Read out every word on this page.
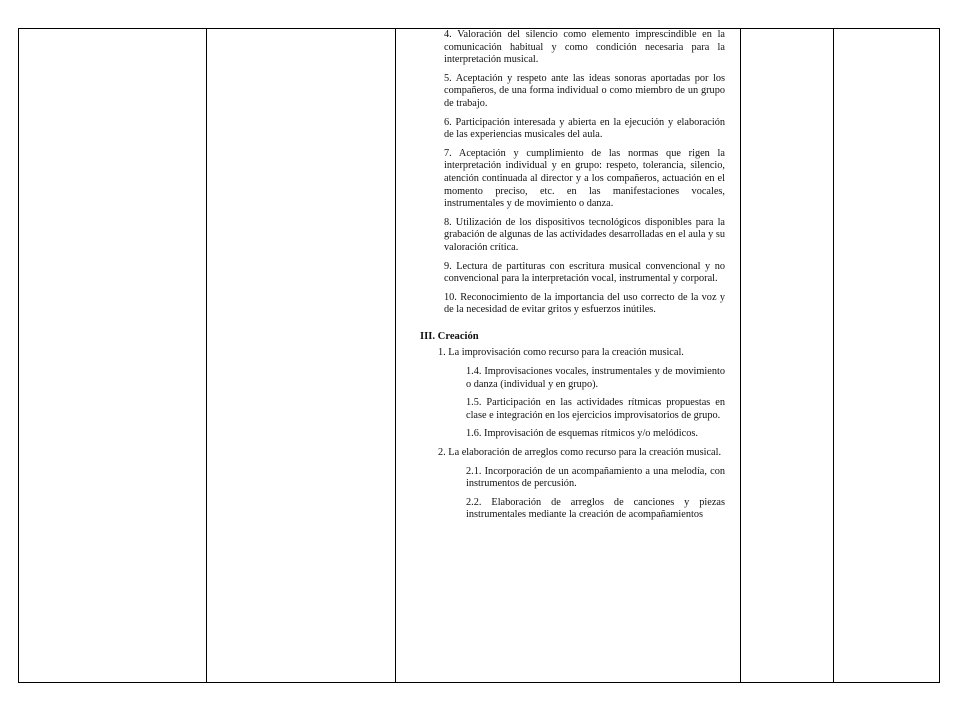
4. Valoración del silencio como elemento imprescindible en la comunicación habitual y como condición necesaria para la interpretación musical.

5. Aceptación y respeto ante las ideas sonoras aportadas por los compañeros, de una forma individual o como miembro de un grupo de trabajo.

6. Participación interesada y abierta en la ejecución y elaboración de las experiencias musicales del aula.

7. Aceptación y cumplimiento de las normas que rigen la interpretación individual y en grupo: respeto, tolerancia, silencio, atención continuada al director y a los compañeros, actuación en el momento preciso, etc. en las manifestaciones vocales, instrumentales y de movimiento o danza.

8. Utilización de los dispositivos tecnológicos disponibles para la grabación de algunas de las actividades desarrolladas en el aula y su valoración crítica.

9. Lectura de partituras con escritura musical convencional y no convencional para la interpretación vocal, instrumental y corporal.

10. Reconocimiento de la importancia del uso correcto de la voz y de la necesidad de evitar gritos y esfuerzos inútiles.

III. Creación

1. La improvisación como recurso para la creación musical.

1.4. Improvisaciones vocales, instrumentales y de movimiento o danza (individual y en grupo).

1.5. Participación en las actividades rítmicas propuestas en clase e integración en los ejercicios improvisatorios de grupo.

1.6. Improvisación de esquemas rítmicos y/o melódicos.

2. La elaboración de arreglos como recurso para la creación musical.

2.1. Incorporación de un acompañamiento a una melodía, con instrumentos de percusión.

2.2. Elaboración de arreglos de canciones y piezas instrumentales mediante la creación de acompañamientos
